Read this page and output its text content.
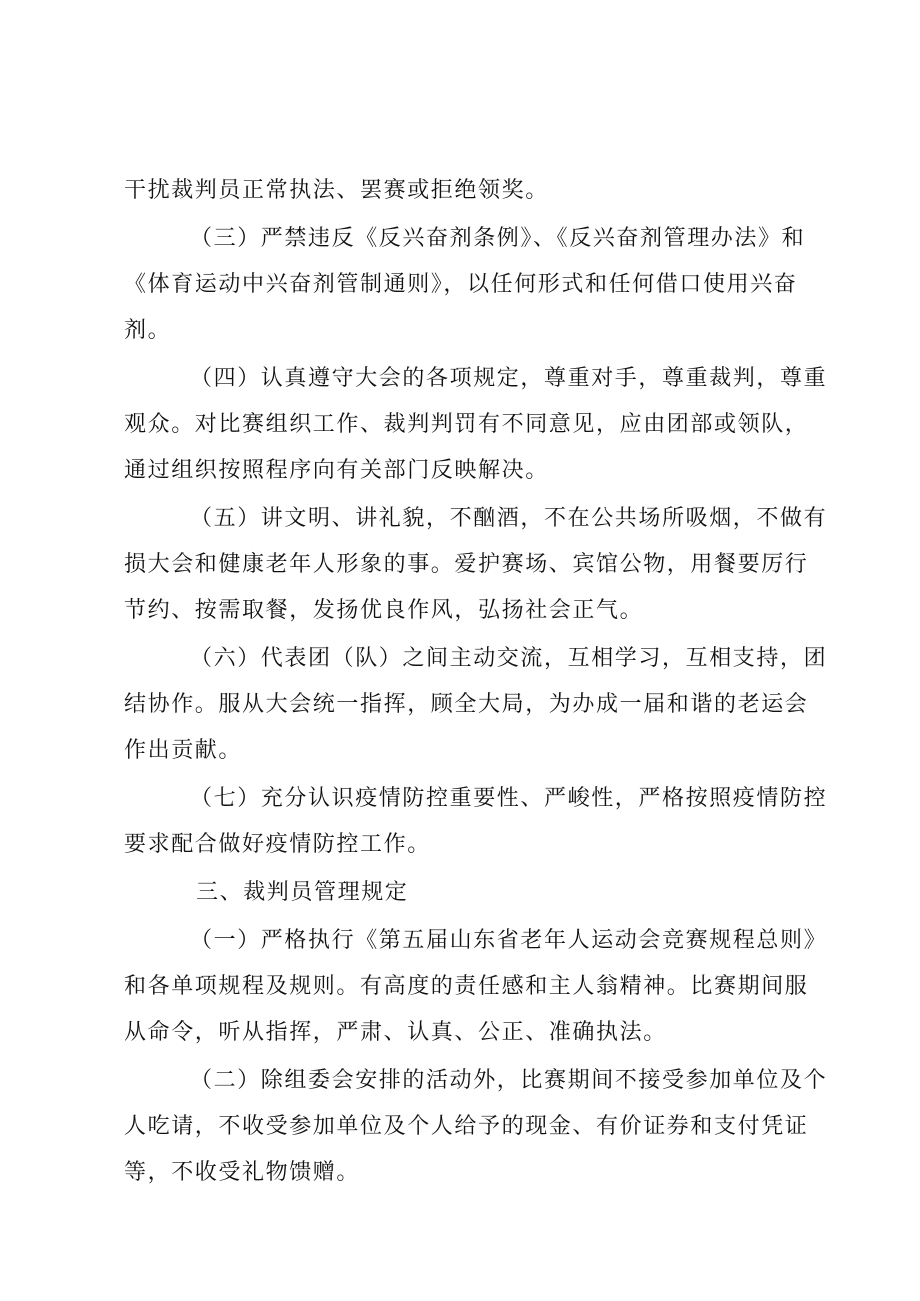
干扰裁判员正常执法、罢赛或拒绝领奖。
（三）严禁违反《反兴奋剂条例》、《反兴奋剂管理办法》和
《体育运动中兴奋剂管制通则》，以任何形式和任何借口使用兴奋
剂。
（四）认真遵守大会的各项规定，尊重对手，尊重裁判，尊重
观众。对比赛组织工作、裁判判罚有不同意见，应由团部或领队，
通过组织按照程序向有关部门反映解决。
（五）讲文明、讲礼貌，不酗酒，不在公共场所吸烟，不做有
损大会和健康老年人形象的事。爱护赛场、宾馆公物，用餐要厉行
节约、按需取餐，发扬优良作风，弘扬社会正气。
（六）代表团（队）之间主动交流，互相学习，互相支持，团
结协作。服从大会统一指挥，顾全大局，为办成一届和谐的老运会
作出贡献。
（七）充分认识疫情防控重要性、严峻性，严格按照疫情防控
要求配合做好疫情防控工作。
三、裁判员管理规定
（一）严格执行《第五届山东省老年人运动会竞赛规程总则》
和各单项规程及规则。有高度的责任感和主人翁精神。比赛期间服
从命令，听从指挥，严肃、认真、公正、准确执法。
（二）除组委会安排的活动外，比赛期间不接受参加单位及个
人吃请，不收受参加单位及个人给予的现金、有价证券和支付凭证
等，不收受礼物馈赠。
